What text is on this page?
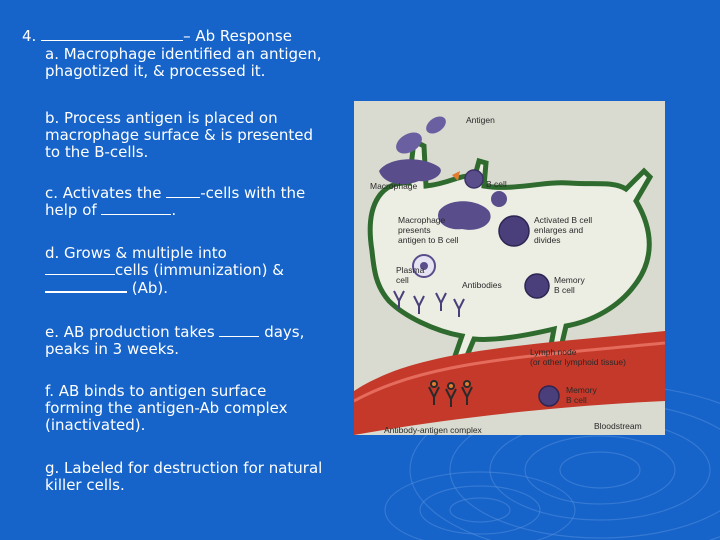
4.	– Ab Response
a. Macrophage identified an antigen,
phagotized it, & processed it.
b. Process antigen is placed on
macrophage surface & is presented
to the B-cells.
c. Activates the -cells with the
help of	.
d. Grows & multiple into
cells (immunization) &
(Ab).
e. AB production takes	days,
peaks in 3 weeks.
f. AB binds to antigen surface
forming the antigen-Ab complex
(inactivated).
g. Labeled for destruction for natural
killer cells.
Antigen
Macrophage	B cell
Macrophage
presents
antigen to B cell
Activated B cell
enlarges and
divides
Plasma
cell	Antibodies	Memory
B cell
Lymph node
(or other lymphoid tissue)
Memory
B cell
Antibody-antigen complex	Bloodstream
